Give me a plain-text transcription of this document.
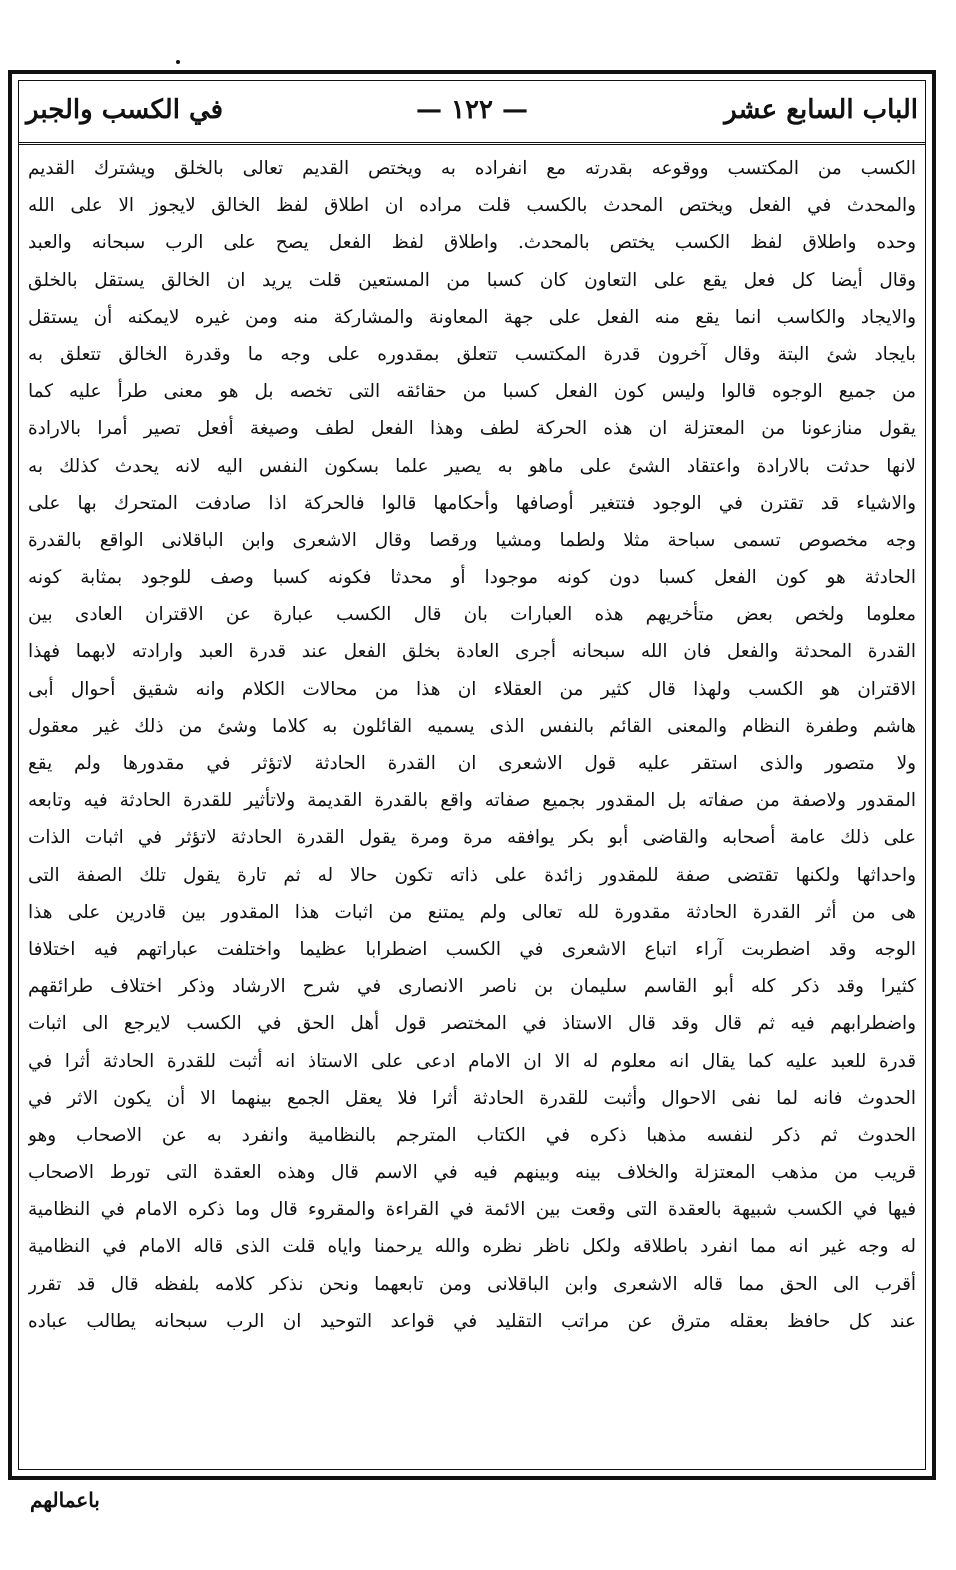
الباب السابع عشر
— ١٢٢ —
في الكسب والجبر
الكسب من المكتسب ووقوعه بقدرته مع انفراده به ويختص القديم تعالى بالخلق ويشترك القديم
والمحدث في الفعل ويختص المحدث بالكسب قلت مراده ان اطلاق لفظ الخالق لايجوز الا على الله
وحده واطلاق لفظ الكسب يختص بالمحدث. واطلاق لفظ الفعل يصح على الرب سبحانه والعبد
وقال أيضا كل فعل يقع على التعاون كان كسبا من المستعين قلت يريد ان الخالق يستقل بالخلق
والايجاد والكاسب انما يقع منه الفعل على جهة المعاونة والمشاركة منه ومن غيره لايمكنه أن يستقل
بايجاد شئ البتة وقال آخرون قدرة المكتسب تتعلق بمقدوره على وجه ما وقدرة الخالق تتعلق به
من جميع الوجوه قالوا وليس كون الفعل كسبا من حقائقه التى تخصه بل هو معنى طرأ عليه كما
يقول منازعونا من المعتزلة ان هذه الحركة لطف وهذا الفعل لطف وصيغة أفعل تصير أمرا بالارادة
لانها حدثت بالارادة واعتقاد الشئ على ماهو به يصير علما بسكون النفس اليه لانه يحدث كذلك به
والاشياء قد تقترن في الوجود فتتغير أوصافها وأحكامها قالوا فالحركة اذا صادفت المتحرك بها على
وجه مخصوص تسمى سباحة مثلا ولطما ومشيا ورقصا وقال الاشعرى وابن الباقلانى الواقع بالقدرة
الحادثة هو كون الفعل كسبا دون كونه موجودا أو محدثا فكونه كسبا وصف للوجود بمثابة كونه
معلوما ولخص بعض متأخريهم هذه العبارات بان قال الكسب عبارة عن الاقتران العادى بين
القدرة المحدثة والفعل فان الله سبحانه أجرى العادة بخلق الفعل عند قدرة العبد وارادته لابهما فهذا
الاقتران هو الكسب ولهذا قال كثير من العقلاء ان هذا من محالات الكلام وانه شقيق أحوال أبى
هاشم وطفرة النظام والمعنى القائم بالنفس الذى يسميه القائلون به كلاما وشئ من ذلك غير معقول
ولا متصور والذى استقر عليه قول الاشعرى ان القدرة الحادثة لاتؤثر في مقدورها ولم يقع
المقدور ولاصفة من صفاته بل المقدور بجميع صفاته واقع بالقدرة القديمة ولاتأثير للقدرة الحادثة فيه وتابعه
على ذلك عامة أصحابه والقاضى أبو بكر يوافقه مرة ومرة يقول القدرة الحادثة لاتؤثر في اثبات الذات
واحداثها ولكنها تقتضى صفة للمقدور زائدة على ذاته تكون حالا له ثم تارة يقول تلك الصفة التى
هى من أثر القدرة الحادثة مقدورة لله تعالى ولم يمتنع من اثبات هذا المقدور بين قادرين على هذا
الوجه وقد اضطربت آراء اتباع الاشعرى في الكسب اضطرابا عظيما واختلفت عباراتهم فيه اختلافا
كثيرا وقد ذكر كله أبو القاسم سليمان بن ناصر الانصارى في شرح الارشاد وذكر اختلاف طرائقهم
واضطرابهم فيه ثم قال وقد قال الاستاذ في المختصر قول أهل الحق في الكسب لايرجع الى اثبات
قدرة للعبد عليه كما يقال انه معلوم له الا ان الامام ادعى على الاستاذ انه أثبت للقدرة الحادثة أثرا في
الحدوث فانه لما نفى الاحوال وأثبت للقدرة الحادثة أثرا فلا يعقل الجمع بينهما الا أن يكون الاثر في
الحدوث ثم ذكر لنفسه مذهبا ذكره في الكتاب المترجم بالنظامية وانفرد به عن الاصحاب وهو
قريب من مذهب المعتزلة والخلاف بينه وبينهم فيه في الاسم قال وهذه العقدة التى تورط الاصحاب
فيها في الكسب شبيهة بالعقدة التى وقعت بين الائمة في القراءة والمقروء قال وما ذكره الامام في النظامية
له وجه غير انه مما انفرد باطلاقه ولكل ناظر نظره والله يرحمنا واياه قلت الذى قاله الامام في النظامية
أقرب الى الحق مما قاله الاشعرى وابن الباقلانى ومن تابعهما ونحن نذكر كلامه بلفظه قال قد تقرر
عند كل حافظ بعقله مترق عن مراتب التقليد في قواعد التوحيد ان الرب سبحانه يطالب عباده
باعمالهم
